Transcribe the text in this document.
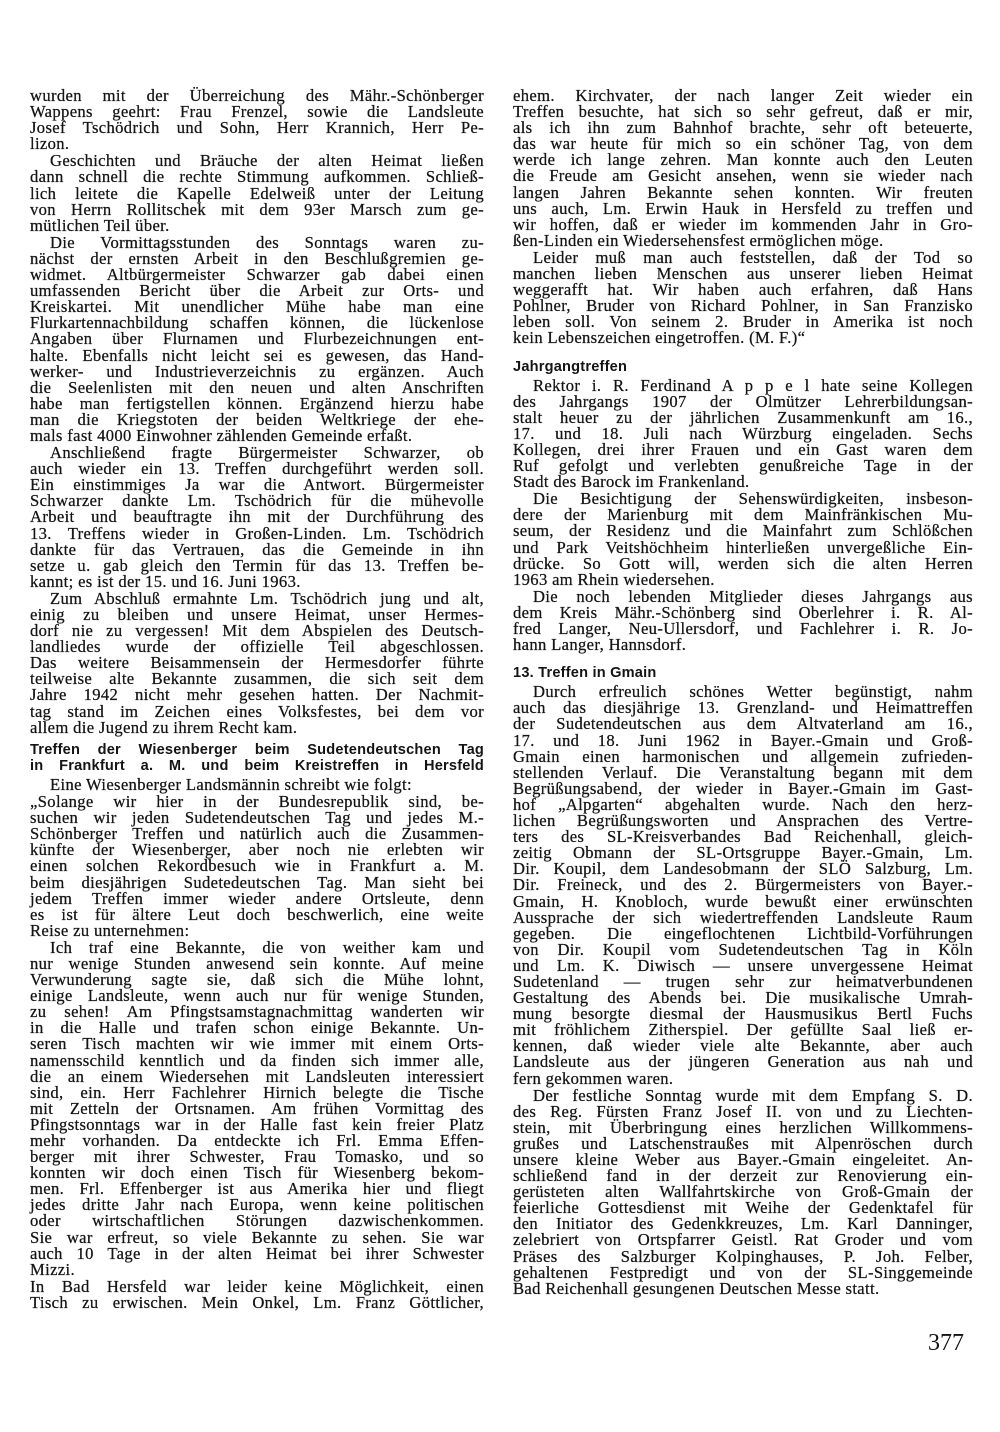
wurden mit der Überreichung des Mähr.-Schönberger
Wappens geehrt: Frau Frenzel, sowie die Landsleute
Josef Tschödrich und Sohn, Herr Krannich, Herr Pe-
lizon.
Geschichten und Bräuche der alten Heimat ließen
dann schnell die rechte Stimmung aufkommen. Schließ-
lich leitete die Kapelle Edelweiß unter der Leitung
von Herrn Rollitschek mit dem 93er Marsch zum ge-
mütlichen Teil über.
Die Vormittagsstunden des Sonntags waren zu-
nächst der ernsten Arbeit in den Beschlußgremien ge-
widmet. Altbürgermeister Schwarzer gab dabei einen
umfassenden Bericht über die Arbeit zur Orts- und
Kreiskartei. Mit unendlicher Mühe habe man eine
Flurkartennachbildung schaffen können, die lückenlose
Angaben über Flurnamen und Flurbezeichnungen ent-
halte. Ebenfalls nicht leicht sei es gewesen, das Hand-
werker- und Industrieverzeichnis zu ergänzen. Auch
die Seelenlisten mit den neuen und alten Anschriften
habe man fertigstellen können. Ergänzend hierzu habe
man die Kriegstoten der beiden Weltkriege der ehe-
mals fast 4000 Einwohner zählenden Gemeinde erfaßt.
Anschließend fragte Bürgermeister Schwarzer, ob
auch wieder ein 13. Treffen durchgeführt werden soll.
Ein einstimmiges Ja war die Antwort. Bürgermeister
Schwarzer dankte Lm. Tschödrich für die mühevolle
Arbeit und beauftragte ihn mit der Durchführung des
13. Treffens wieder in Großen-Linden. Lm. Tschödrich
dankte für das Vertrauen, das die Gemeinde in ihn
setze u. gab gleich den Termin für das 13. Treffen be-
kannt; es ist der 15. und 16. Juni 1963.
Zum Abschluß ermahnte Lm. Tschödrich jung und alt,
einig zu bleiben und unsere Heimat, unser Hermes-
dorf nie zu vergessen! Mit dem Abspielen des Deutsch-
landliedes wurde der offizielle Teil abgeschlossen.
Das weitere Beisammensein der Hermesdorfer führte
teilweise alte Bekannte zusammen, die sich seit dem
Jahre 1942 nicht mehr gesehen hatten. Der Nachmit-
tag stand im Zeichen eines Volksfestes, bei dem vor
allem die Jugend zu ihrem Recht kam.
Treffen der Wiesenberger beim Sudetendeutschen Tag
in Frankfurt a. M. und beim Kreistreffen in Hersfeld
Eine Wiesenberger Landsmännin schreibt wie folgt:
„Solange wir hier in der Bundesrepublik sind, be-
suchen wir jeden Sudetendeutschen Tag und jedes M.-
Schönberger Treffen und natürlich auch die Zusammen-
künfte der Wiesenberger, aber noch nie erlebten wir
einen solchen Rekordbesuch wie in Frankfurt a. M.
beim diesjährigen Sudetedeutschen Tag. Man sieht bei
jedem Treffen immer wieder andere Ortsleute, denn
es ist für ältere Leut doch beschwerlich, eine weite
Reise zu unternehmen:
Ich traf eine Bekannte, die von weither kam und
nur wenige Stunden anwesend sein konnte. Auf meine
Verwunderung sagte sie, daß sich die Mühe lohnt,
einige Landsleute, wenn auch nur für wenige Stunden,
zu sehen! Am Pfingstsamstagnachmittag wanderten wir
in die Halle und trafen schon einige Bekannte. Un-
seren Tisch machten wir wie immer mit einem Orts-
namensschild kenntlich und da finden sich immer alle,
die an einem Wiedersehen mit Landsleuten interessiert
sind, ein. Herr Fachlehrer Hirnich belegte die Tische
mit Zetteln der Ortsnamen. Am frühen Vormittag des
Pfingstsonntags war in der Halle fast kein freier Platz
mehr vorhanden. Da entdeckte ich Frl. Emma Effen-
berger mit ihrer Schwester, Frau Tomasko, und so
konnten wir doch einen Tisch für Wiesenberg bekom-
men. Frl. Effenberger ist aus Amerika hier und fliegt
jedes dritte Jahr nach Europa, wenn keine politischen
oder wirtschaftlichen Störungen dazwischenkommen.
Sie war erfreut, so viele Bekannte zu sehen. Sie war
auch 10 Tage in der alten Heimat bei ihrer Schwester
Mizzi.
In Bad Hersfeld war leider keine Möglichkeit, einen
Tisch zu erwischen. Mein Onkel, Lm. Franz Göttlicher,
ehem. Kirchvater, der nach langer Zeit wieder ein
Treffen besuchte, hat sich so sehr gefreut, daß er mir,
als ich ihn zum Bahnhof brachte, sehr oft beteuerte,
das war heute für mich so ein schöner Tag, von dem
werde ich lange zehren. Man konnte auch den Leuten
die Freude am Gesicht ansehen, wenn sie wieder nach
langen Jahren Bekannte sehen konnten. Wir freuten
uns auch, Lm. Erwin Hauk in Hersfeld zu treffen und
wir hoffen, daß er wieder im kommenden Jahr in Gro-
ßen-Linden ein Wiedersehensfest ermöglichen möge.
Leider muß man auch feststellen, daß der Tod so
manchen lieben Menschen aus unserer lieben Heimat
weggerafft hat. Wir haben auch erfahren, daß Hans
Pohlner, Bruder von Richard Pohlner, in San Franzisko
leben soll. Von seinem 2. Bruder in Amerika ist noch
kein Lebenszeichen eingetroffen. (M. F.)“
Jahrgangtreffen
Rektor i. R. Ferdinand A p p e l hate seine Kollegen
des Jahrgangs 1907 der Olmützer Lehrerbildungsan-
stalt heuer zu der jährlichen Zusammenkunft am 16.,
17. und 18. Juli nach Würzburg eingeladen. Sechs
Kollegen, drei ihrer Frauen und ein Gast waren dem
Ruf gefolgt und verlebten genußreiche Tage in der
Stadt des Barock im Frankenland.
Die Besichtigung der Sehenswürdigkeiten, insbeson-
dere der Marienburg mit dem Mainfränkischen Mu-
seum, der Residenz und die Mainfahrt zum Schlößchen
und Park Veitshöchheim hinterließen unvergeßliche Ein-
drücke. So Gott will, werden sich die alten Herren
1963 am Rhein wiedersehen.
Die noch lebenden Mitglieder dieses Jahrgangs aus
dem Kreis Mähr.-Schönberg sind Oberlehrer i. R. Al-
fred Langer, Neu-Ullersdorf, und Fachlehrer i. R. Jo-
hann Langer, Hannsdorf.
13. Treffen in Gmain
Durch erfreulich schönes Wetter begünstigt, nahm
auch das diesjährige 13. Grenzland- und Heimattreffen
der Sudetendeutschen aus dem Altvaterland am 16.,
17. und 18. Juni 1962 in Bayer.-Gmain und Groß-
Gmain einen harmonischen und allgemein zufrieden-
stellenden Verlauf. Die Veranstaltung begann mit dem
Begrüßungsabend, der wieder in Bayer.-Gmain im Gast-
hof „Alpgarten“ abgehalten wurde. Nach den herz-
lichen Begrüßungsworten und Ansprachen des Vertre-
ters des SL-Kreisverbandes Bad Reichenhall, gleich-
zeitig Obmann der SL-Ortsgruppe Bayer.-Gmain, Lm.
Dir. Koupil, dem Landesobmann der SLÖ Salzburg, Lm.
Dir. Freineck, und des 2. Bürgermeisters von Bayer.-
Gmain, H. Knobloch, wurde bewußt einer erwünschten
Aussprache der sich wiedertreffenden Landsleute Raum
gegeben. Die eingeflochtenen Lichtbild-Vorführungen
von Dir. Koupil vom Sudetendeutschen Tag in Köln
und Lm. K. Diwisch — unsere unvergessene Heimat
Sudetenland — trugen sehr zur heimatverbundenen
Gestaltung des Abends bei. Die musikalische Umrah-
mung besorgte diesmal der Hausmusikus Bertl Fuchs
mit fröhlichem Zitherspiel. Der gefüllte Saal ließ er-
kennen, daß wieder viele alte Bekannte, aber auch
Landsleute aus der jüngeren Generation aus nah und
fern gekommen waren.
Der festliche Sonntag wurde mit dem Empfang S. D.
des Reg. Fürsten Franz Josef II. von und zu Liechten-
stein, mit Überbringung eines herzlichen Willkommens-
grußes und Latschenstraußes mit Alpenröschen durch
unsere kleine Weber aus Bayer.-Gmain eingeleitet. An-
schließend fand in der derzeit zur Renovierung ein-
gerüsteten alten Wallfahrtskirche von Groß-Gmain der
feierliche Gottesdienst mit Weihe der Gedenktafel für
den Initiator des Gedenkkreuzes, Lm. Karl Danninger,
zelebriert von Ortspfarrer Geistl. Rat Groder und vom
Präses des Salzburger Kolpinghauses, P. Joh. Felber,
gehaltenen Festpredigt und von der SL-Singgemeinde
Bad Reichenhall gesungenen Deutschen Messe statt.
377
